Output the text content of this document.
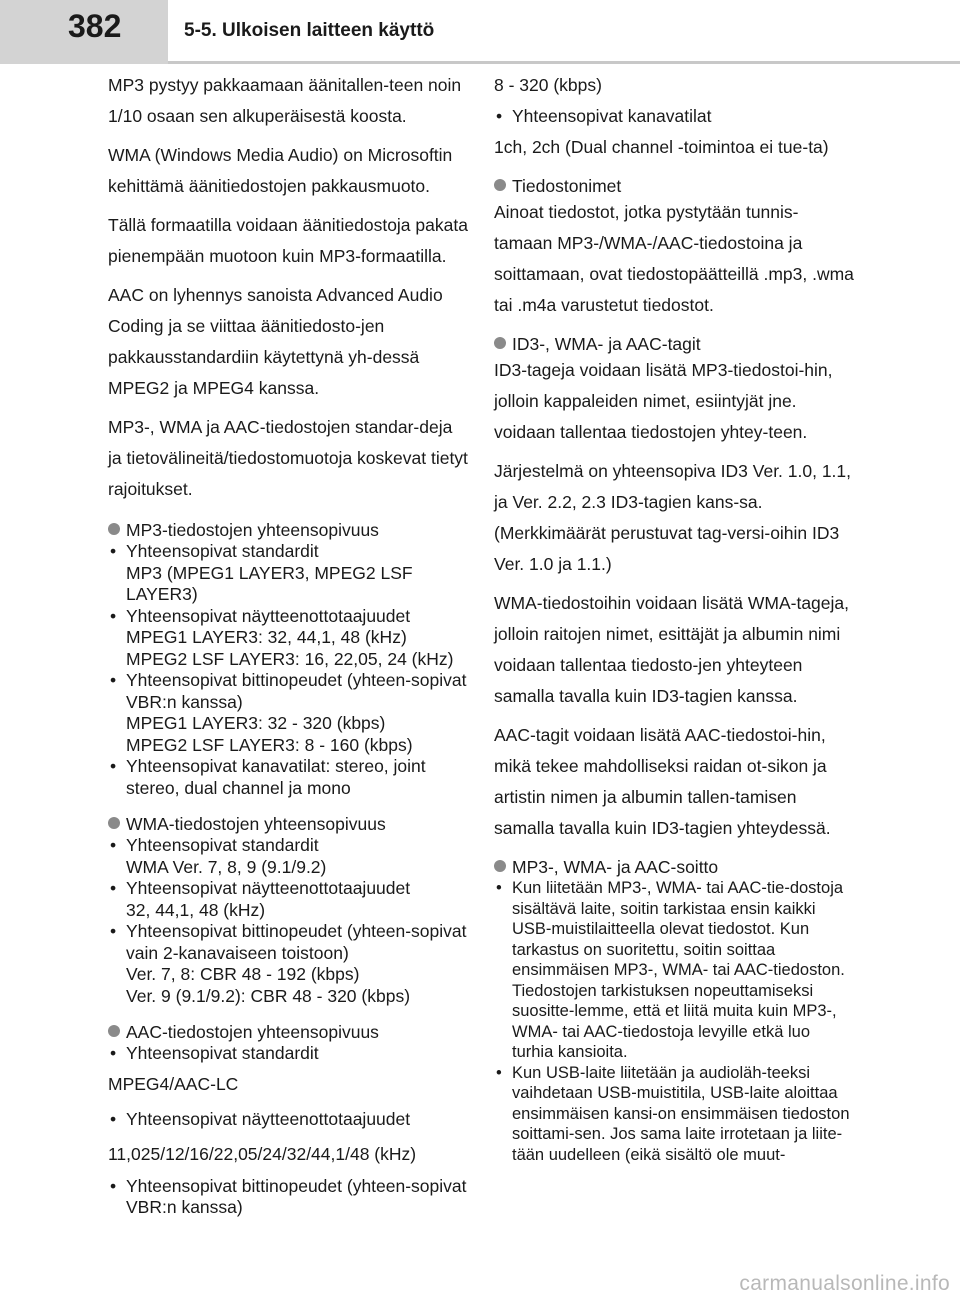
382	5-5. Ulkoisen laitteen käyttö

MP3 pystyy pakkaamaan äänitallen-teen noin 1/10 osaan sen alkuperäisestä koosta.

WMA (Windows Media Audio) on Microsoftin kehittämä äänitiedostojen pakkausmuoto.

Tällä formaatilla voidaan äänitiedostoja pakata pienempään muotoon kuin MP3-formaatilla.

AAC on lyhennys sanoista Advanced Audio Coding ja se viittaa äänitiedosto-jen pakkausstandardiin käytettynä yh-dessä MPEG2 ja MPEG4 kanssa.

MP3-, WMA ja AAC-tiedostojen standar-deja ja tietovälineitä/tiedostomuotoja koskevat tietyt rajoitukset.

MP3-tiedostojen yhteensopivuus
• Yhteensopivat standardit
MP3 (MPEG1 LAYER3, MPEG2 LSF LAYER3)
• Yhteensopivat näytteenottotaajuudet
MPEG1 LAYER3: 32, 44,1, 48 (kHz)
MPEG2 LSF LAYER3: 16, 22,05, 24 (kHz)
• Yhteensopivat bittinopeudet (yhteen-sopivat VBR:n kanssa)
MPEG1 LAYER3: 32 - 320 (kbps)
MPEG2 LSF LAYER3: 8 - 160 (kbps)
• Yhteensopivat kanavatilat: stereo, joint stereo, dual channel ja mono
WMA-tiedostojen yhteensopivuus
• Yhteensopivat standardit
WMA Ver. 7, 8, 9 (9.1/9.2)
• Yhteensopivat näytteenottotaajuudet
32, 44,1, 48 (kHz)
• Yhteensopivat bittinopeudet (yhteen-sopivat vain 2-kanavaiseen toistoon)
Ver. 7, 8: CBR 48 - 192 (kbps)
Ver. 9 (9.1/9.2): CBR 48 - 320 (kbps)
AAC-tiedostojen yhteensopivuus
• Yhteensopivat standardit

MPEG4/AAC-LC

• Yhteensopivat näytteenottotaajuudet

11,025/12/16/22,05/24/32/44,1/48 (kHz)

• Yhteensopivat bittinopeudet (yhteen-sopivat VBR:n kanssa)

8 - 320 (kbps)

• Yhteensopivat kanavatilat

1ch, 2ch (Dual channel -toimintoa ei tue-ta)

Tiedostonimet

Ainoat tiedostot, jotka pystytään tunnis-tamaan MP3-/WMA-/AAC-tiedostoina ja soittamaan, ovat tiedostopäätteillä .mp3, .wma tai .m4a varustetut tiedostot.

ID3-, WMA- ja AAC-tagit

ID3-tageja voidaan lisätä MP3-tiedostoi-hin, jolloin kappaleiden nimet, esiintyjät jne. voidaan tallentaa tiedostojen yhtey-teen.

Järjestelmä on yhteensopiva ID3 Ver. 1.0, 1.1, ja Ver. 2.2, 2.3 ID3-tagien kans-sa. (Merkkimäärät perustuvat tag-versi-oihin ID3 Ver. 1.0 ja 1.1.)

WMA-tiedostoihin voidaan lisätä WMA-tageja, jolloin raitojen nimet, esittäjät ja albumin nimi voidaan tallentaa tiedosto-jen yhteyteen samalla tavalla kuin ID3-tagien kanssa.

AAC-tagit voidaan lisätä AAC-tiedostoi-hin, mikä tekee mahdolliseksi raidan ot-sikon ja artistin nimen ja albumin tallen-tamisen samalla tavalla kuin ID3-tagien yhteydessä.

MP3-, WMA- ja AAC-soitto
• Kun liitetään MP3-, WMA- tai AAC-tie-dostoja sisältävä laite, soitin tarkistaa ensin kaikki USB-muistilaitteella olevat tiedostot. Kun tarkastus on suoritettu, soitin soittaa ensimmäisen MP3-, WMA- tai AAC-tiedoston. Tiedostojen tarkistuksen nopeuttamiseksi suositte-lemme, että et liitä muita kuin MP3-, WMA- tai AAC-tiedostoja levyille etkä luo turhia kansioita.
• Kun USB-laite liitetään ja audioläh-teeksi vaihdetaan USB-muistitila, USB-laite aloittaa ensimmäisen kansi-on ensimmäisen tiedoston soittami-sen. Jos sama laite irrotetaan ja liite-tään uudelleen (eikä sisältö ole muut-
carmanualsonline.info
